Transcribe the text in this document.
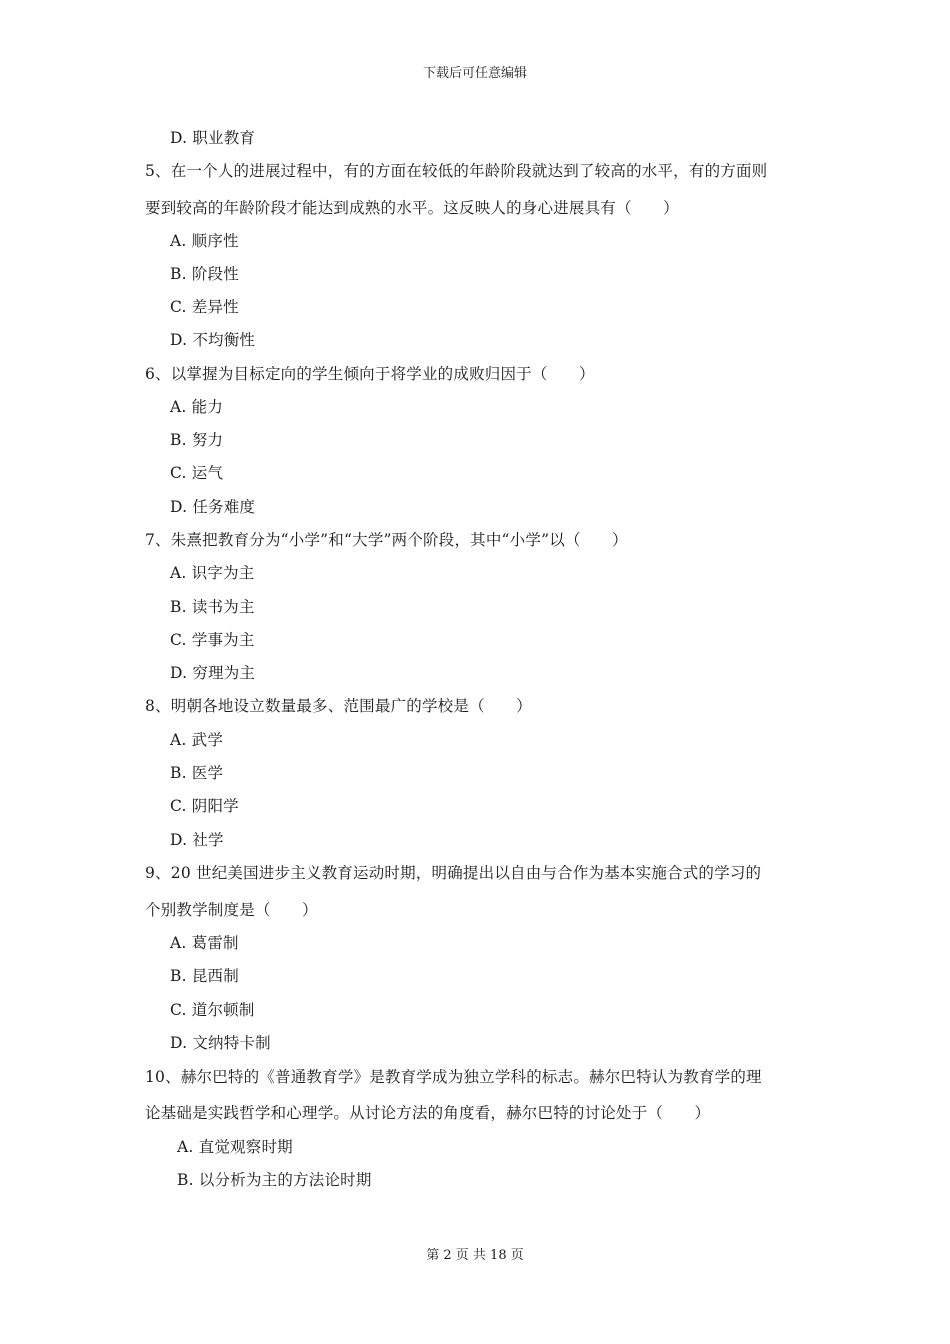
下载后可任意编辑
D. 职业教育
5、在一个人的进展过程中，有的方面在较低的年龄阶段就达到了较高的水平，有的方面则
要到较高的年龄阶段才能达到成熟的水平。这反映人的身心进展具有（　　）
A. 顺序性
B. 阶段性
C. 差异性
D. 不均衡性
6、以掌握为目标定向的学生倾向于将学业的成败归因于（　　）
A. 能力
B. 努力
C. 运气
D. 任务难度
7、朱熹把教育分为“小学”和“大学”两个阶段，其中“小学”以（　　）
A. 识字为主
B. 读书为主
C. 学事为主
D. 穷理为主
8、明朝各地设立数量最多、范围最广的学校是（　　）
A. 武学
B. 医学
C. 阴阳学
D. 社学
9、20 世纪美国进步主义教育运动时期，明确提出以自由与合作为基本实施合式的学习的
个别教学制度是（　　）
A. 葛雷制
B. 昆西制
C. 道尔顿制
D. 文纳特卡制
10、赫尔巴特的《普通教育学》是教育学成为独立学科的标志。赫尔巴特认为教育学的理
论基础是实践哲学和心理学。从讨论方法的角度看，赫尔巴特的讨论处于（　　）
A. 直觉观察时期
B. 以分析为主的方法论时期
第 2 页 共 18 页
